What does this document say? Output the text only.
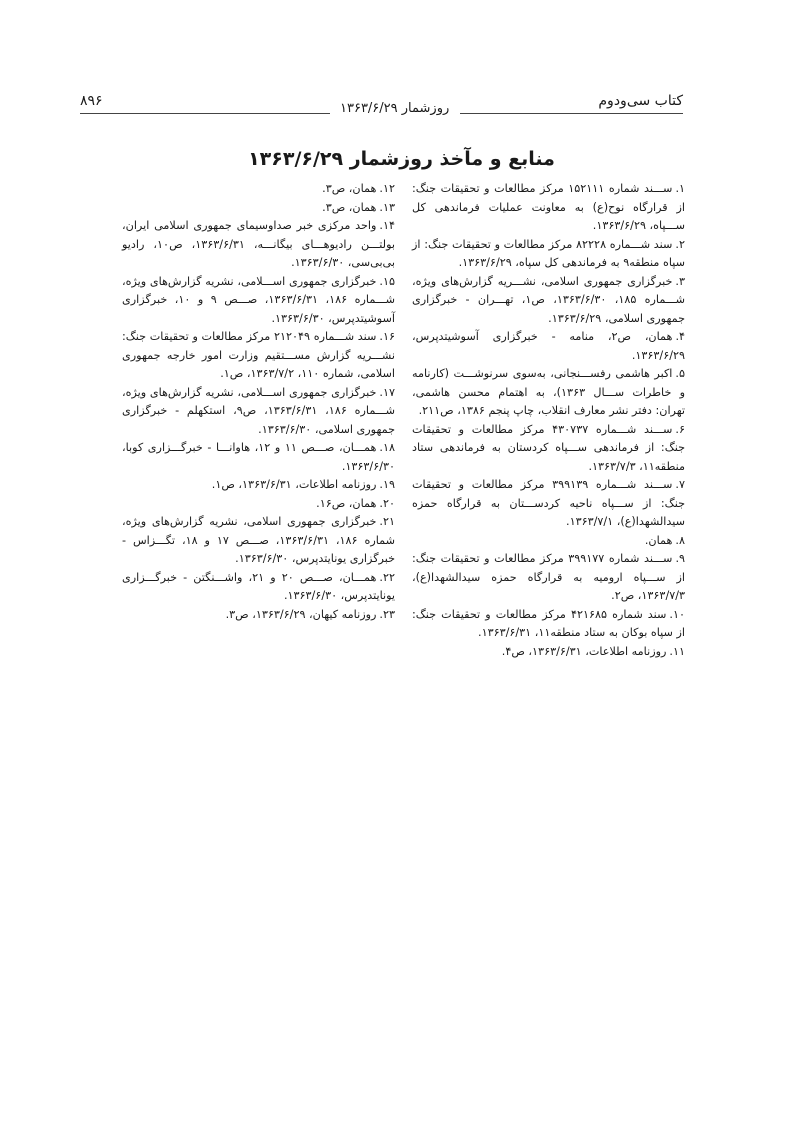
۸۹۶	روزشمار ۱۳۶۳/۶/۲۹	کتاب سی‌ودوم
منابع و مآخذ روزشمار ۱۳۶۳/۶/۲۹
۱.ســـند شماره ۱۵۲۱۱۱ مرکز مطالعات و تحقیقات جنگ: از قرارگاه نوح(ع) به معاونت عملیات فرماندهی کل ســـپاه، ۱۳۶۳/۶/۲۹.
۲.سند شـــماره ۸۲۲۲۸ مرکز مطالعات و تحقیقات جنگ: از سپاه منطقه۹ به فرماندهی کل سپاه، ۱۳۶۳/۶/۲۹.
۳.خبرگزاری جمهوری اسلامی، نشـــریه گزارش‌های ویژه، شـــماره ۱۸۵، ۱۳۶۳/۶/۳۰، ص۱، تهـــران - خبرگزاری جمهوری اسلامی، ۱۳۶۳/۶/۲۹.
۴.همان، ص۲، منامه - خبرگزاری آسوشیتدپرس، ۱۳۶۳/۶/۲۹.
۵.اکبر هاشمی رفســـنجانی، به‌سوی سرنوشـــت (کارنامه و خاطرات ســـال ۱۳۶۳)، به اهتمام محسن هاشمی، تهران: دفتر نشر معارف انقلاب، چاپ پنجم ۱۳۸۶، ص۲۱۱.
۶.ســـند شـــماره ۴۳۰۷۳۷ مرکز مطالعات و تحقیقات جنگ: از فرماندهی ســـپاه کردستان به فرماندهی ستاد منطقه۱۱، ۱۳۶۳/۷/۳.
۷.ســـند شـــماره ۳۹۹۱۳۹ مرکز مطالعات و تحقیقات جنگ: از ســـپاه ناحیه کردســـتان به قرارگاه حمزه سیدالشهدا(ع)، ۱۳۶۳/۷/۱.
۸.همان.
۹.ســـند شماره ۳۹۹۱۷۷ مرکز مطالعات و تحقیقات جنگ: از ســـپاه ارومیه به قرارگاه حمزه سیدالشهدا(ع)، ۱۳۶۳/۷/۳، ص۲.
۱۰.سند شماره ۴۲۱۶۸۵ مرکز مطالعات و تحقیقات جنگ: از سپاه بوکان به ستاد منطقه۱۱، ۱۳۶۳/۶/۳۱.
۱۱.روزنامه اطلاعات، ۱۳۶۳/۶/۳۱، ص۴.
۱۲.همان، ص۳.
۱۳.همان، ص۳.
۱۴.واحد مرکزی خبر صداوسیمای جمهوری اسلامی ایران، بولتـــن رادیوهـــای بیگانـــه، ۱۳۶۳/۶/۳۱، ص۱۰، رادیو بی‌بی‌سی، ۱۳۶۳/۶/۳۰.
۱۵.خبرگزاری جمهوری اســـلامی، نشریه گزارش‌های ویژه، شـــماره ۱۸۶، ۱۳۶۳/۶/۳۱، صـــص ۹ و ۱۰، خبرگزاری آسوشیتدپرس، ۱۳۶۳/۶/۳۰.
۱۶.سند شـــماره ۲۱۲۰۴۹ مرکز مطالعات و تحقیقات جنگ: نشـــریه گزارش مســـتقیم وزارت امور خارجه جمهوری اسلامی، شماره ۱۱۰، ۱۳۶۳/۷/۲، ص۱.
۱۷.خبرگزاری جمهوری اســـلامی، نشریه گزارش‌های ویژه، شـــماره ۱۸۶، ۱۳۶۳/۶/۳۱، ص۹، استکهلم - خبرگزاری جمهوری اسلامی، ۱۳۶۳/۶/۳۰.
۱۸.همـــان، صـــص ۱۱ و ۱۲، هاوانـــا - خبرگـــزاری کوبا، ۱۳۶۳/۶/۳۰.
۱۹.روزنامه اطلاعات، ۱۳۶۳/۶/۳۱، ص۱.
۲۰.همان، ص۱۶.
۲۱.خبرگزاری جمهوری اسلامی، نشریه گزارش‌های ویژه، شماره ۱۸۶، ۱۳۶۳/۶/۳۱، صـــص ۱۷ و ۱۸، تگـــزاس - خبرگزاری یونایتدپرس، ۱۳۶۳/۶/۳۰.
۲۲.همـــان، صـــص ۲۰ و ۲۱، واشـــنگتن - خبرگـــزاری یونایتدپرس، ۱۳۶۳/۶/۳۰.
۲۳.روزنامه کیهان، ۱۳۶۳/۶/۲۹، ص۳.
